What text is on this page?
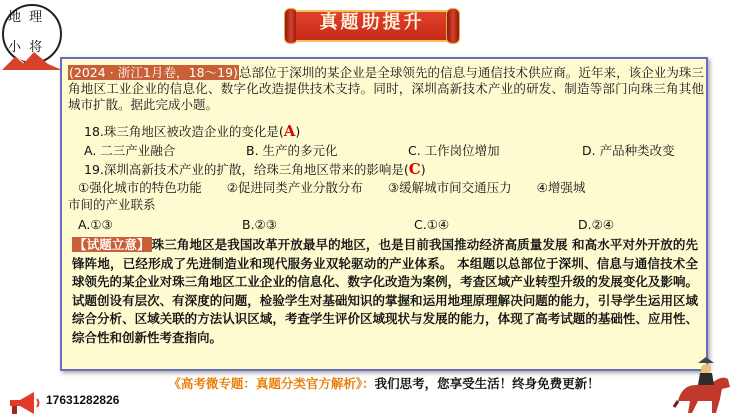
地 理
小 将
真题助提升
(2024 · 浙江1月卷，18～19)总部位于深圳的某企业是全球领先的信息与通信技术供应商。近年来，该企业为珠三角地区工业企业的信息化、数字化改造提供技术支持。同时，深圳高新技术产业的研发、制造等部门向珠三角其他城市扩散。据此完成小题。
18.珠三角地区被改造企业的变化是(A)
A. 二三产业融合	B. 生产的多元化	C. 工作岗位增加	D. 产品种类改变
19.深圳高新技术产业的扩散，给珠三角地区带来的影响是(C)
①强化城市的特色功能　　②促进同类产业分散分布　　③缓解城市间交通压力　　④增强城
市间的产业联系
A.①③	B.②③	C.①④	D.②④
【试题立意】 珠三角地区是我国改革开放最早的地区，也是目前我国推动经济高质量发展 和高水平对外开放的先锋阵地，已经形成了先进制造业和现代服务业双轮驱动的产业体系。 本组题以总部位于深圳、信息与通信技术全球领先的某企业对珠三角地区工业企业的信息化、数字化改造为案例，考查区域产业转型升级的发展变化及影响。试题创设有层次、有深度的问题，检验学生对基础知识的掌握和运用地理原理解决问题的能力，引导学生运用区域综合分析、区域关联的方法认识区域，考查学生评价区域现状与发展的能力，体现了高考试题的基础性、应用性、综合性和创新性考查指向。
《高考微专题：真题分类官方解析》：我们思考，您享受生活！终身免费更新！
17631282826
